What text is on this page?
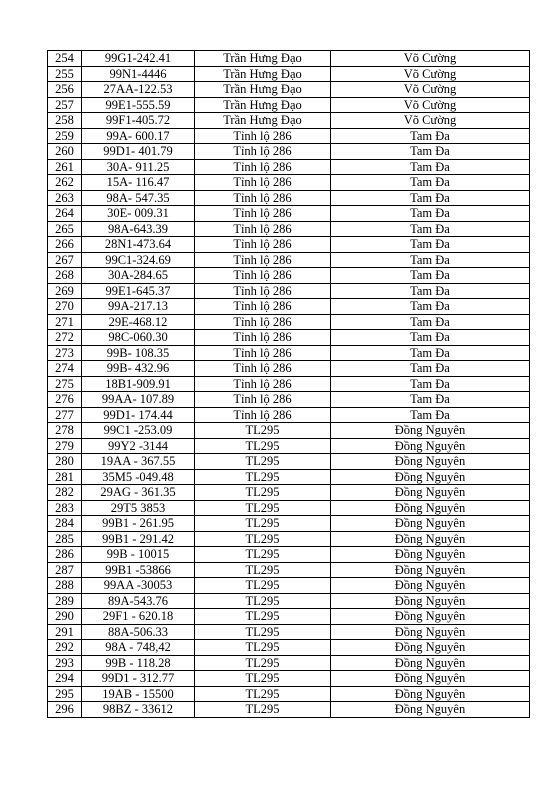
254	99G1-242.41	Trần Hưng Đạo	Võ Cường
255	99N1-4446	Trần Hưng Đạo	Võ Cường
256	27AA-122.53	Trần Hưng Đạo	Võ Cường
257	99E1-555.59	Trần Hưng Đạo	Võ Cường
258	99F1-405.72	Trần Hưng Đạo	Võ Cường
259	99A- 600.17	Tỉnh lộ 286	Tam Đa
260	99D1- 401.79	Tỉnh lộ 286	Tam Đa
261	30A- 911.25	Tỉnh lộ 286	Tam Đa
262	15A- 116.47	Tỉnh lộ 286	Tam Đa
263	98A- 547.35	Tỉnh lộ 286	Tam Đa
264	30E- 009.31	Tỉnh lộ 286	Tam Đa
265	98A-643.39	Tỉnh lộ 286	Tam Đa
266	28N1-473.64	Tỉnh lộ 286	Tam Đa
267	99C1-324.69	Tỉnh lộ 286	Tam Đa
268	30A-284.65	Tỉnh lộ 286	Tam Đa
269	99E1-645.37	Tỉnh lộ 286	Tam Đa
270	99A-217.13	Tỉnh lộ 286	Tam Đa
271	29E-468.12	Tỉnh lộ 286	Tam Đa
272	98C-060.30	Tỉnh lộ 286	Tam Đa
273	99B- 108.35	Tỉnh lộ 286	Tam Đa
274	99B- 432.96	Tỉnh lộ 286	Tam Đa
275	18B1-909.91	Tỉnh lộ 286	Tam Đa
276	99AA- 107.89	Tỉnh lộ 286	Tam Đa
277	99D1- 174.44	Tỉnh lộ 286	Tam Đa
278	99C1 -253.09	TL295	Đồng Nguyên
279	99Y2 -3144	TL295	Đồng Nguyên
280	19AA - 367.55	TL295	Đồng Nguyên
281	35M5 -049.48	TL295	Đồng Nguyên
282	29AG - 361.35	TL295	Đồng Nguyên
283	29T5 3853	TL295	Đồng Nguyên
284	99B1 - 261.95	TL295	Đồng Nguyên
285	99B1 - 291.42	TL295	Đồng Nguyên
286	99B - 10015	TL295	Đồng Nguyên
287	99B1 -53866	TL295	Đồng Nguyên
288	99AA -30053	TL295	Đồng Nguyên
289	89A-543.76	TL295	Đồng Nguyên
290	29F1 - 620.18	TL295	Đồng Nguyên
291	88A-506.33	TL295	Đồng Nguyên
292	98A - 748,42	TL295	Đồng Nguyên
293	99B - 118.28	TL295	Đồng Nguyên
294	99D1 - 312.77	TL295	Đồng Nguyên
295	19AB - 15500	TL295	Đồng Nguyên
296	98BZ - 33612	TL295	Đồng Nguyên
